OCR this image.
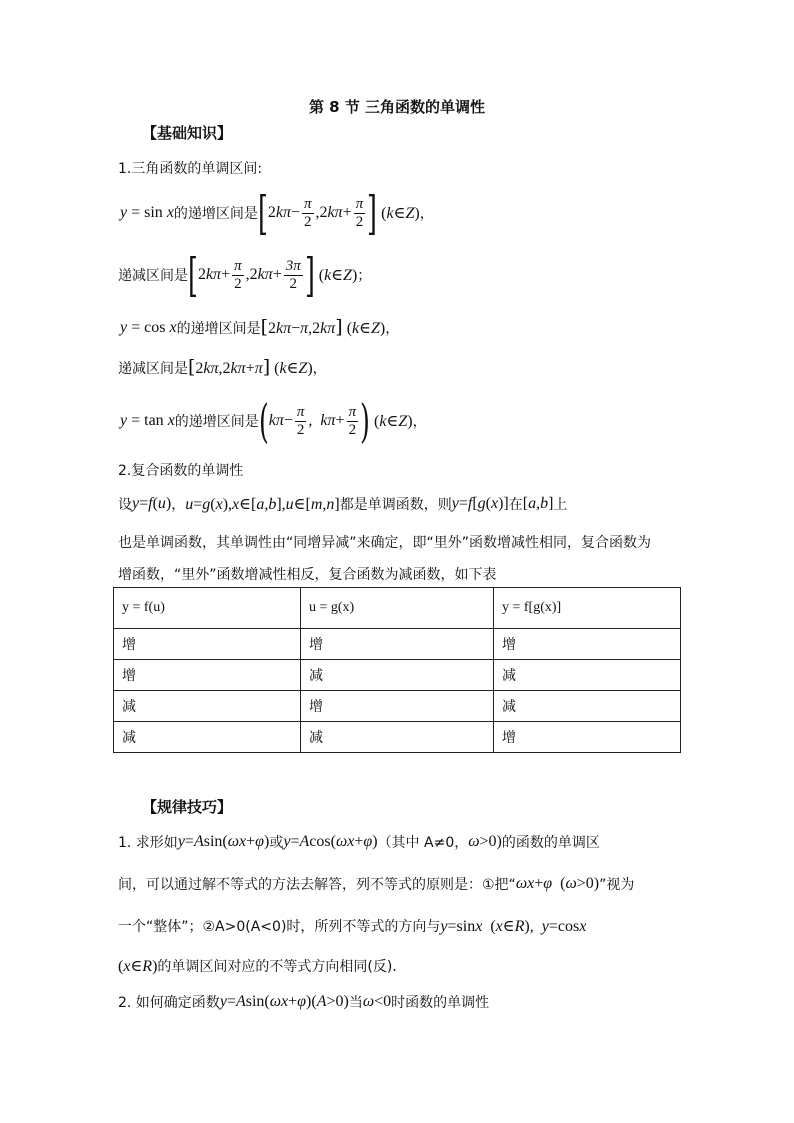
第 8 节 三角函数的单调性
【基础知识】
1.三角函数的单调区间:
y = sin x 的递增区间是 [ $2k\pi- \frac{\pi}{2} ,2k\pi+ \frac{\pi}{2}$ ] (k∈Z) ，
递减区间是 [ $2k\pi+ \frac{\pi}{2} ,2k\pi+ \frac{3\pi}{2}$ ] (k∈Z) ；
y = cos x 的递增区间是 [2kπ−π,2kπ] (k∈Z) ，
递减区间是 [2kπ,2kπ+π] (k∈Z) ，
y = tan x 的递增区间是 ( $k\pi- \frac{\pi}{2}$ ,  $k\pi+ \frac{\pi}{2}$ ) (k∈Z) ，
2.复合函数的单调性
设 y=f(u) ， u=g(x),x∈[a,b],u∈[m,n] 都是单调函数，则 y=f[g(x)] 在 [a,b] 上
也是单调函数，其单调性由“同增异减”来确定，即“里外”函数增减性相同，复合函数为
增函数，“里外”函数增减性相反，复合函数为减函数，如下表
y = f(u)	u = g(x)	y = f[g(x)]
增	增	增
增	减	减
减	增	减
减	减	增
【规律技巧】
1. 求形如 y=Asin(ωx+φ) 或 y=Acos(ωx+φ) （其中 A≠0， ω>0) 的函数的单调区
间，可以通过解不等式的方法去解答，列不等式的原则是：①把“ ωx+φ  (ω>0) ”视为
一个“整体”；②A>0(A<0)时，所列不等式的方向与 y=sinx  (x∈R),  y=cosx
(x∈R) 的单调区间对应的不等式方向相同(反)．
2. 如何确定函数 y=Asin(ωx+φ)(A>0) 当 ω<0 时函数的单调性
